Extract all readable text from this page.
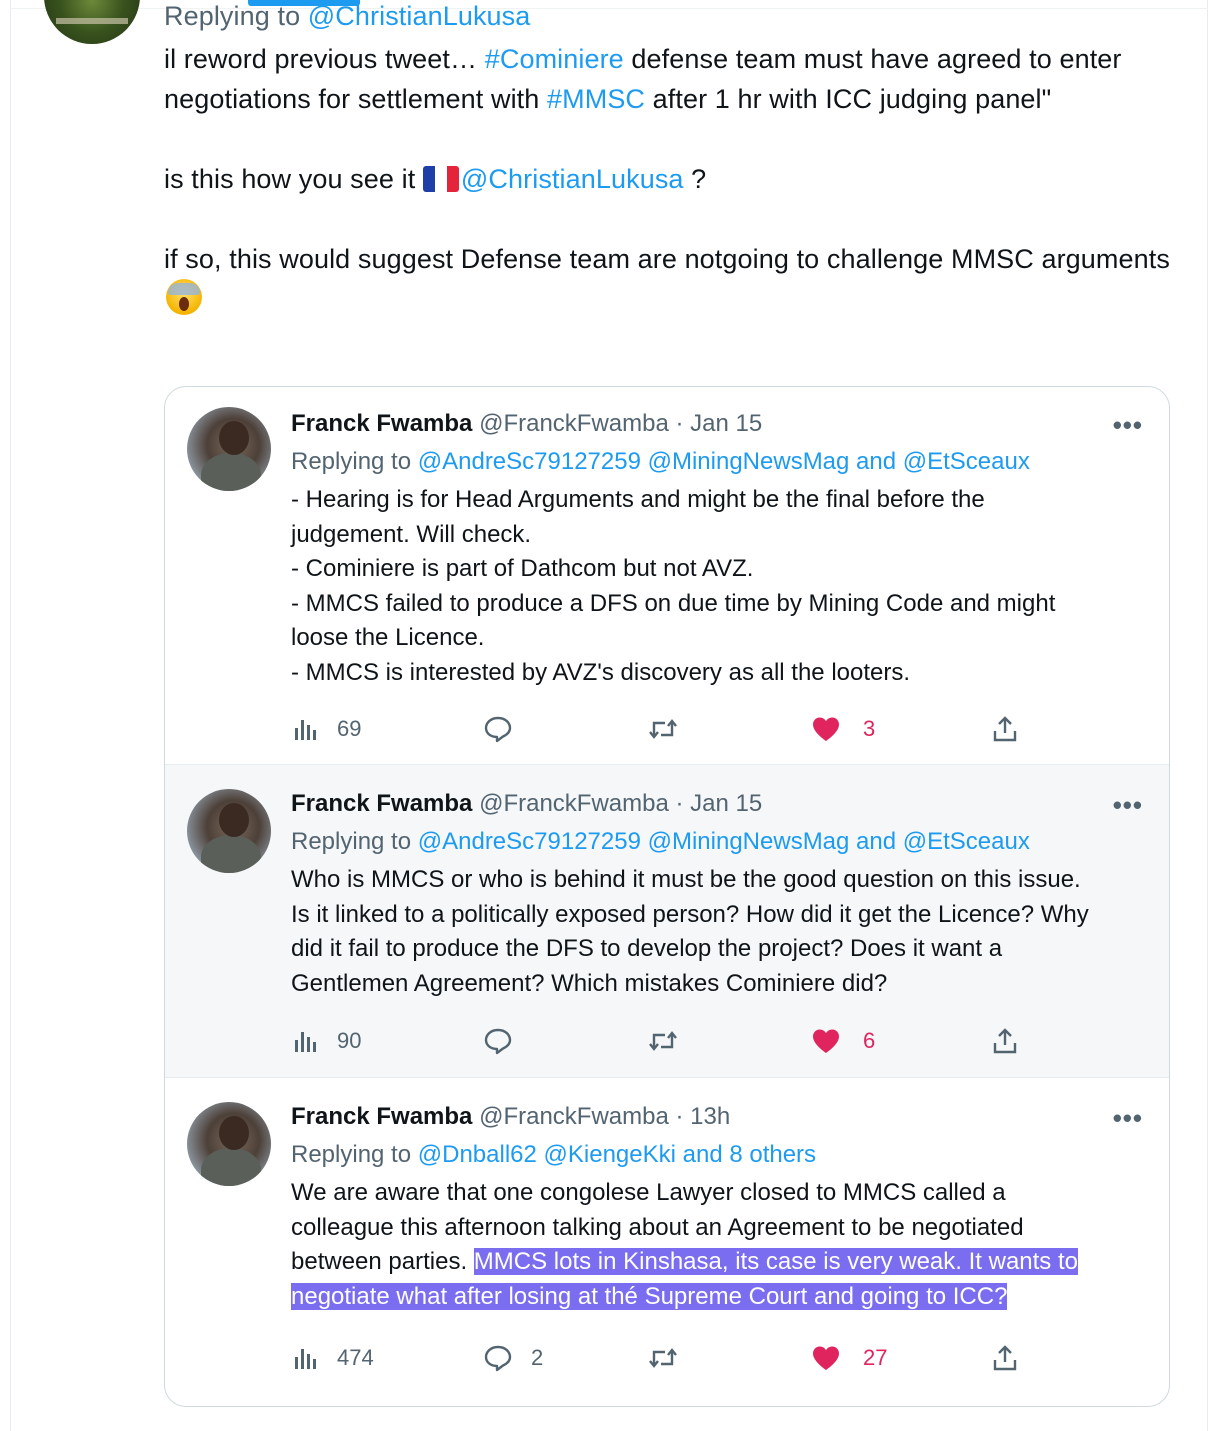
Replying to @ChristianLukusa
il reword previous tweet… #Cominiere defense team must have agreed to enter negotiations for settlement with #MMSC after 1 hr with ICC judging panel"
is this how you see it
@ChristianLukusa ?
if so, this would suggest Defense team are notgoing to challenge MMSC arguments
•••
Franck Fwamba @FranckFwamba · Jan 15
Replying to @AndreSc79127259 @MiningNewsMag and @EtSceaux
- Hearing is for Head Arguments and might be the final before the
judgement. Will check.
- Cominiere is part of Dathcom but not AVZ.
- MMCS failed to produce a DFS on due time by Mining Code and might
loose the Licence.
- MMCS is interested by AVZ's discovery as all the looters.
69	3
•••
Franck Fwamba @FranckFwamba · Jan 15
Replying to @AndreSc79127259 @MiningNewsMag and @EtSceaux
Who is MMCS or who is behind it must be the good question on this issue.
Is it linked to a politically exposed person? How did it get the Licence? Why
did it fail to produce the DFS to develop the project? Does it want a
Gentlemen Agreement? Which mistakes Cominiere did?
90	6
•••
Franck Fwamba @FranckFwamba · 13h
Replying to @Dnball62 @KiengeKki and 8 others
We are aware that one congolese Lawyer closed to MMCS called a
colleague this afternoon talking about an Agreement to be negotiated
between parties. MMCS lots in Kinshasa, its case is very weak. It wants to
negotiate what after losing at thé Supreme Court and going to ICC?
474	2	27
